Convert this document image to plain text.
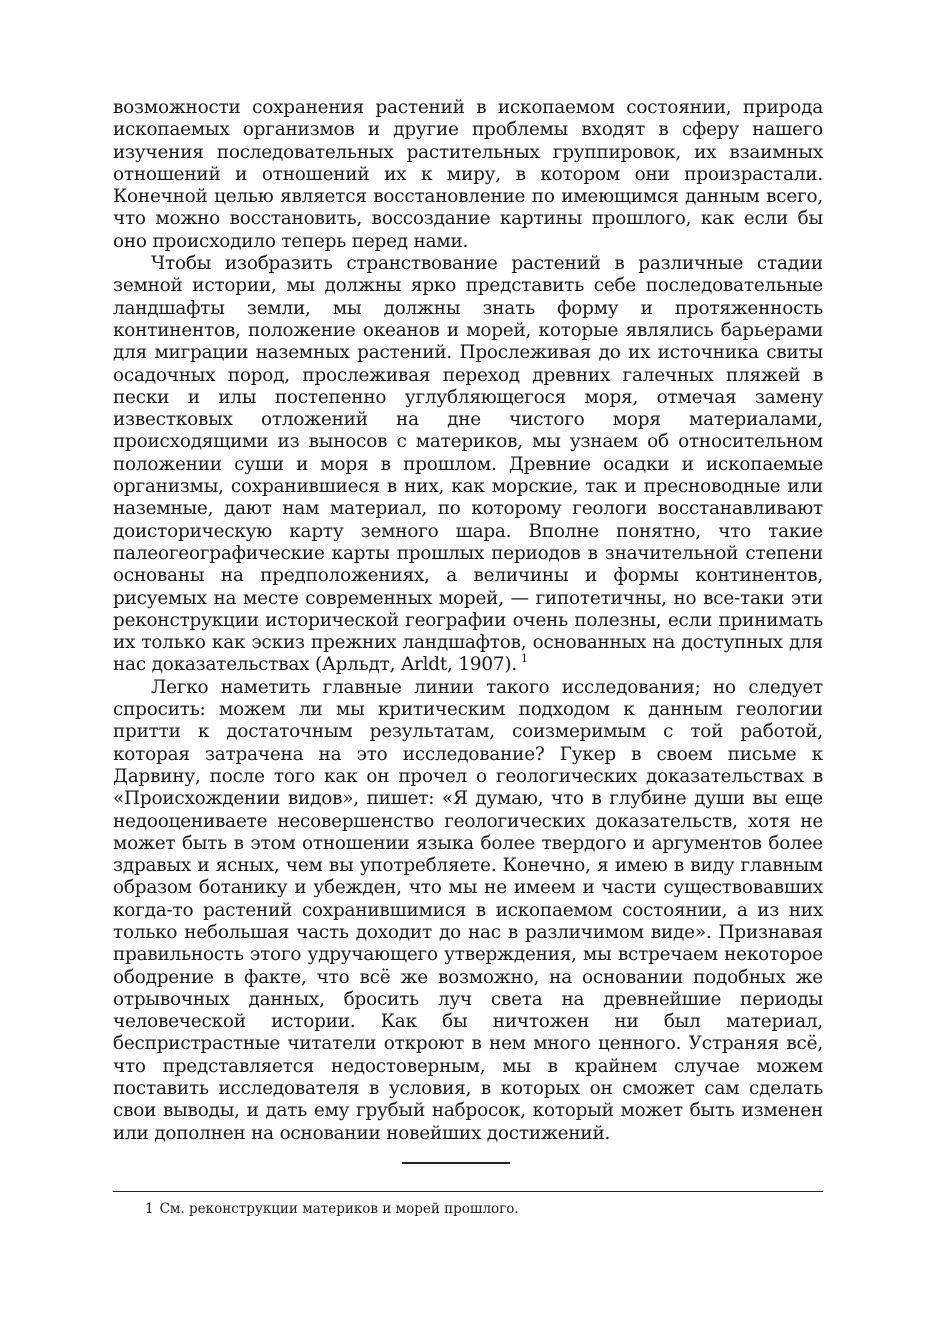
возможности сохранения растений в ископаемом состоянии, природа ископаемых организмов и другие проблемы входят в сферу нашего изучения последовательных растительных группировок, их взаимных отношений и отношений их к миру, в котором они произрастали. Конечной целью является восстановление по имеющимся данным всего, что можно восстановить, воссоздание картины прошлого, как если бы оно происходило теперь перед нами.

Чтобы изобразить странствование растений в различные стадии земной истории, мы должны ярко представить себе последовательные ландшафты земли, мы должны знать форму и протяженность континентов, положение океанов и морей, которые являлись барьерами для миграции наземных растений. Прослеживая до их источника свиты осадочных пород, прослеживая переход древних галечных пляжей в пески и илы постепенно углубляющегося моря, отмечая замену известковых отложений на дне чистого моря материалами, происходящими из выносов с материков, мы узнаем об относительном положении суши и моря в прошлом. Древние осадки и ископаемые организмы, сохранившиеся в них, как морские, так и пресноводные или наземные, дают нам материал, по которому геологи восстанавливают доисторическую карту земного шара. Вполне понятно, что такие палеогеографические карты прошлых периодов в значительной степени основаны на предположениях, а величины и формы континентов, рисуемых на месте современных морей, — гипотетичны, но все-таки эти реконструкции исторической географии очень полезны, если принимать их только как эскиз прежних ландшафтов, основанных на доступных для нас доказательствах (Арльдт, Arldt, 1907). $^1$

Легко наметить главные линии такого исследования; но следует спросить: можем ли мы критическим подходом к данным геологии притти к достаточным результатам, соизмеримым с той работой, которая затрачена на это исследование? Гукер в своем письме к Дарвину, после того как он прочел о геологических доказательствах в «Происхождении видов», пишет: «Я думаю, что в глубине души вы еще недооцениваете несовершенство геологических доказательств, хотя не может быть в этом отношении языка более твердого и аргументов более здравых и ясных, чем вы употребляете. Конечно, я имею в виду главным образом ботанику и убежден, что мы не имеем и части существовавших когда-то растений сохранившимися в ископаемом состоянии, а из них только небольшая часть доходит до нас в различимом виде». Признавая правильность этого удручающего утверждения, мы встречаем некоторое ободрение в факте, что всё же возможно, на основании подобных же отрывочных данных, бросить луч света на древнейшие периоды человеческой истории. Как бы ничтожен ни был материал, беспристрастные читатели откроют в нем много ценного. Устраняя всё, что представляется недостоверным, мы в крайнем случае можем поставить исследователя в условия, в которых он сможет сам сделать свои выводы, и дать ему грубый набросок, который может быть изменен или дополнен на основании новейших достижений.

1 См. реконструкции материков и морей прошлого.
